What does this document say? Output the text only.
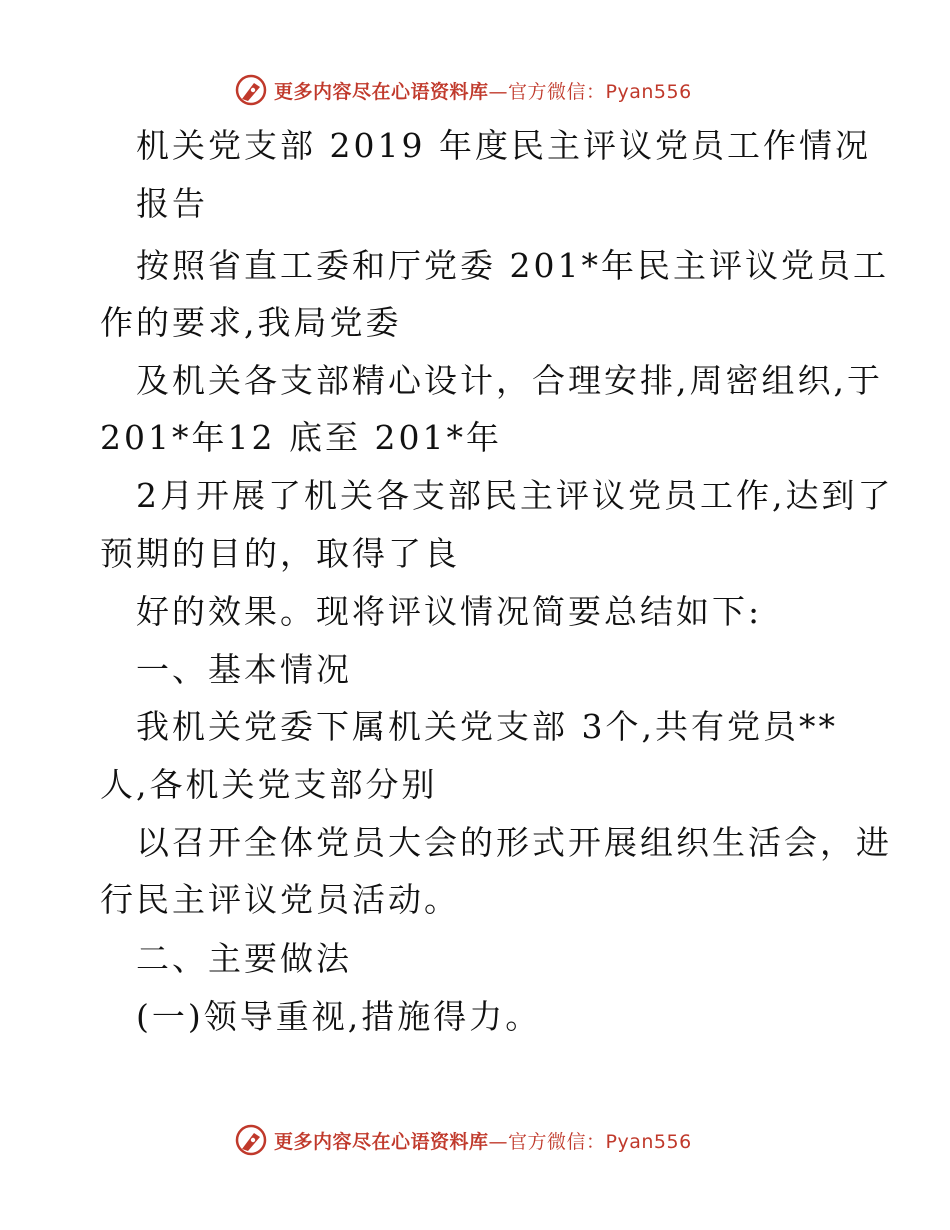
更多内容尽在心语资料库—官方微信：Pyan556
机关党支部 2019 年度民主评议党员工作情况
报告
按照省直工委和厅党委 201*年民主评议党员工
作的要求,我局党委
及机关各支部精心设计，合理安排,周密组织,于
201*年12 底至 201*年
2月开展了机关各支部民主评议党员工作,达到了
预期的目的，取得了良
好的效果。现将评议情况简要总结如下:
一、基本情况
我机关党委下属机关党支部 3个,共有党员**
人,各机关党支部分别
以召开全体党员大会的形式开展组织生活会，进
行民主评议党员活动。
二、主要做法
(一)领导重视,措施得力。
更多内容尽在心语资料库—官方微信：Pyan556
